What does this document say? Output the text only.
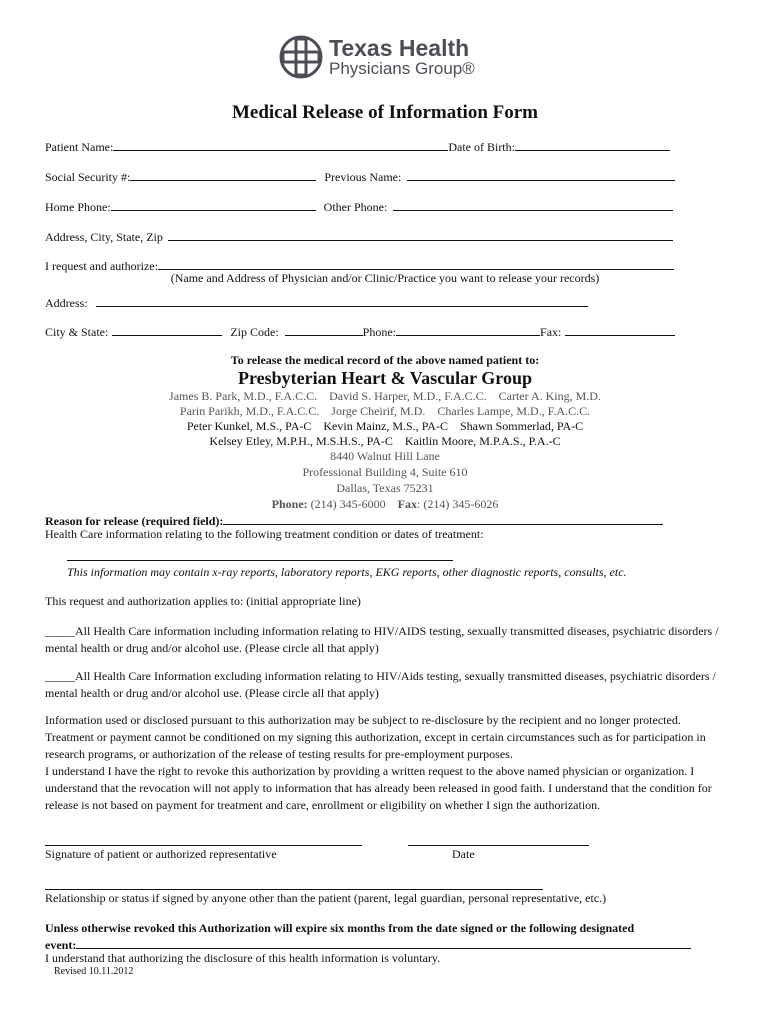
Texas Health
Physicians Group®
Medical Release of Information Form
Patient Name:	Date of Birth:
Social Security #:	Previous Name:
Home Phone:	Other Phone:
Address, City, State, Zip
I request and authorize:
(Name and Address of Physician and/or Clinic/Practice you want to release your records)
Address:
City & State:	Zip Code:	Phone:	Fax:
To release the medical record of the above named patient to:
Presbyterian Heart & Vascular Group
James B. Park, M.D., F.A.C.C.    David S. Harper, M.D., F.A.C.C.    Carter A. King, M.D.
Parin Parikh, M.D., F.A.C.C.    Jorge Cheirif, M.D.    Charles Lampe, M.D., F.A.C.C.
Peter Kunkel, M.S., PA-C    Kevin Mainz, M.S., PA-C    Shawn Sommerlad, PA-C
Kelsey Etley, M.P.H., M.S.H.S., PA-C    Kaitlin Moore, M.P.A.S., P.A.-C
8440 Walnut Hill Lane
Professional Building 4, Suite 610
Dallas, Texas 75231
Phone: (214) 345-6000 Fax: (214) 345-6026
Reason for release (required field):
Health Care information relating to the following treatment condition or dates of treatment:
This information may contain x-ray reports, laboratory reports, EKG reports, other diagnostic reports, consults, etc.
This request and authorization applies to: (initial appropriate line)
_____All Health Care information including information relating to HIV/AIDS testing, sexually transmitted diseases, psychiatric disorders / mental health or drug and/or alcohol use. (Please circle all that apply)
_____All Health Care Information excluding information relating to HIV/Aids testing, sexually transmitted diseases, psychiatric disorders / mental health or drug and/or alcohol use. (Please circle all that apply)
Information used or disclosed pursuant to this authorization may be subject to re-disclosure by the recipient and no longer protected. Treatment or payment cannot be conditioned on my signing this authorization, except in certain circumstances such as for participation in research programs, or authorization of the release of testing results for pre-employment purposes.
I understand I have the right to revoke this authorization by providing a written request to the above named physician or organization. I understand that the revocation will not apply to information that has already been released in good faith. I understand that the condition for release is not based on payment for treatment and care, enrollment or eligibility on whether I sign the authorization.
Signature of patient or authorized representative	Date
Relationship or status if signed by anyone other than the patient (parent, legal guardian, personal representative, etc.)
Unless otherwise revoked this Authorization will expire six months from the date signed or the following designated
event:
I understand that authorizing the disclosure of this health information is voluntary.
Revised 10.11.2012
